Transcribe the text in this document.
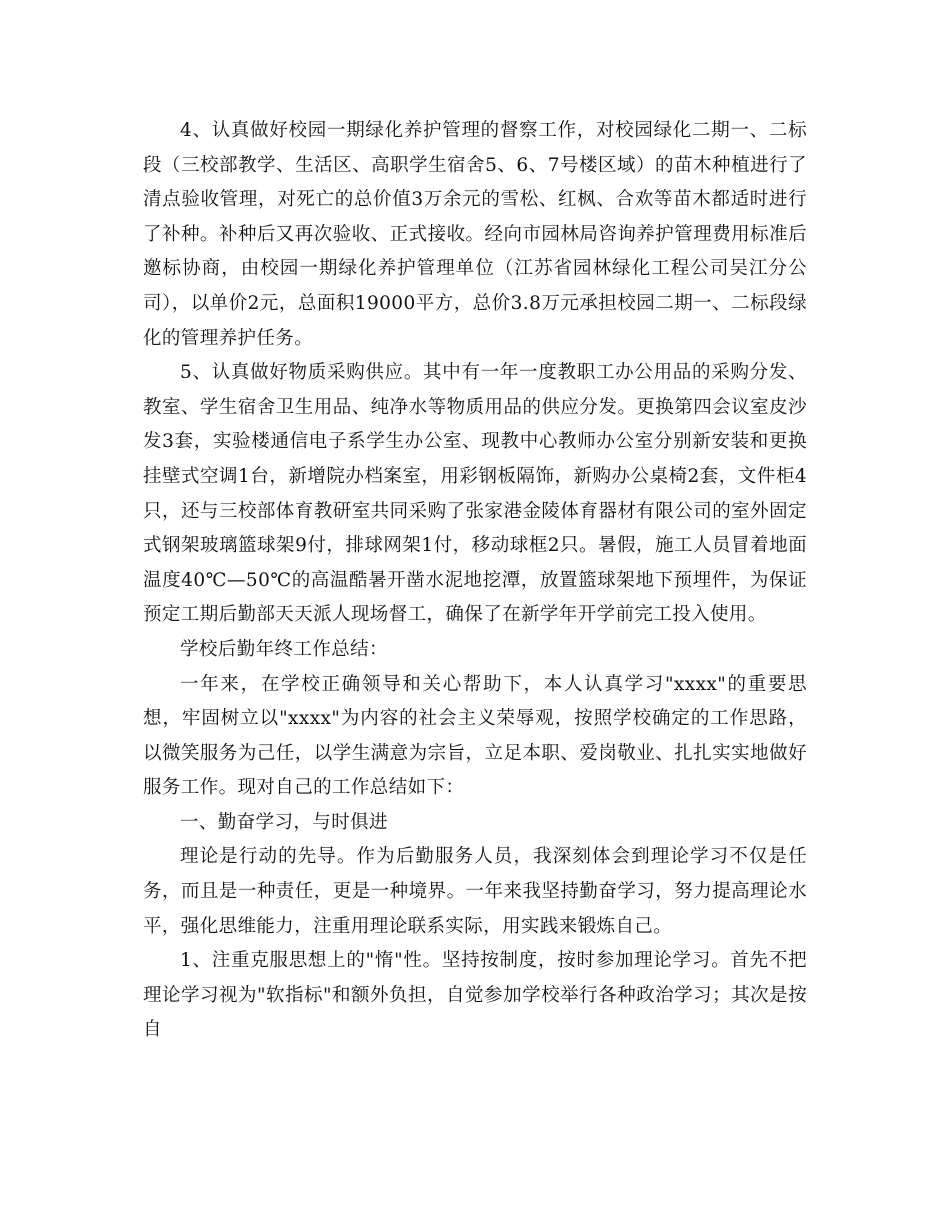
4、认真做好校园一期绿化养护管理的督察工作，对校园绿化二期一、二标段（三校部教学、生活区、高职学生宿舍5、6、7号楼区域）的苗木种植进行了清点验收管理，对死亡的总价值3万余元的雪松、红枫、合欢等苗木都适时进行了补种。补种后又再次验收、正式接收。经向市园林局咨询养护管理费用标准后邀标协商，由校园一期绿化养护管理单位（江苏省园林绿化工程公司吴江分公司），以单价2元，总面积19000平方，总价3.8万元承担校园二期一、二标段绿化的管理养护任务。

5、认真做好物质采购供应。其中有一年一度教职工办公用品的采购分发、教室、学生宿舍卫生用品、纯净水等物质用品的供应分发。更换第四会议室皮沙发3套，实验楼通信电子系学生办公室、现教中心教师办公室分别新安装和更换挂壁式空调1台，新增院办档案室，用彩钢板隔饰，新购办公桌椅2套，文件柜4只，还与三校部体育教研室共同采购了张家港金陵体育器材有限公司的室外固定式钢架玻璃篮球架9付，排球网架1付，移动球框2只。暑假，施工人员冒着地面温度40℃—50℃的高温酷暑开凿水泥地挖潭，放置篮球架地下预埋件，为保证预定工期后勤部天天派人现场督工，确保了在新学年开学前完工投入使用。

学校后勤年终工作总结：

一年来，在学校正确领导和关心帮助下，本人认真学习"xxxx"的重要思想，牢固树立以"xxxx"为内容的社会主义荣辱观，按照学校确定的工作思路，以微笑服务为己任，以学生满意为宗旨，立足本职、爱岗敬业、扎扎实实地做好服务工作。现对自己的工作总结如下：

一、勤奋学习，与时俱进

理论是行动的先导。作为后勤服务人员，我深刻体会到理论学习不仅是任务，而且是一种责任，更是一种境界。一年来我坚持勤奋学习，努力提高理论水平，强化思维能力，注重用理论联系实际，用实践来锻炼自己。

1、注重克服思想上的"惰"性。坚持按制度，按时参加理论学习。首先不把理论学习视为"软指标"和额外负担，自觉参加学校举行各种政治学习；其次是按自
